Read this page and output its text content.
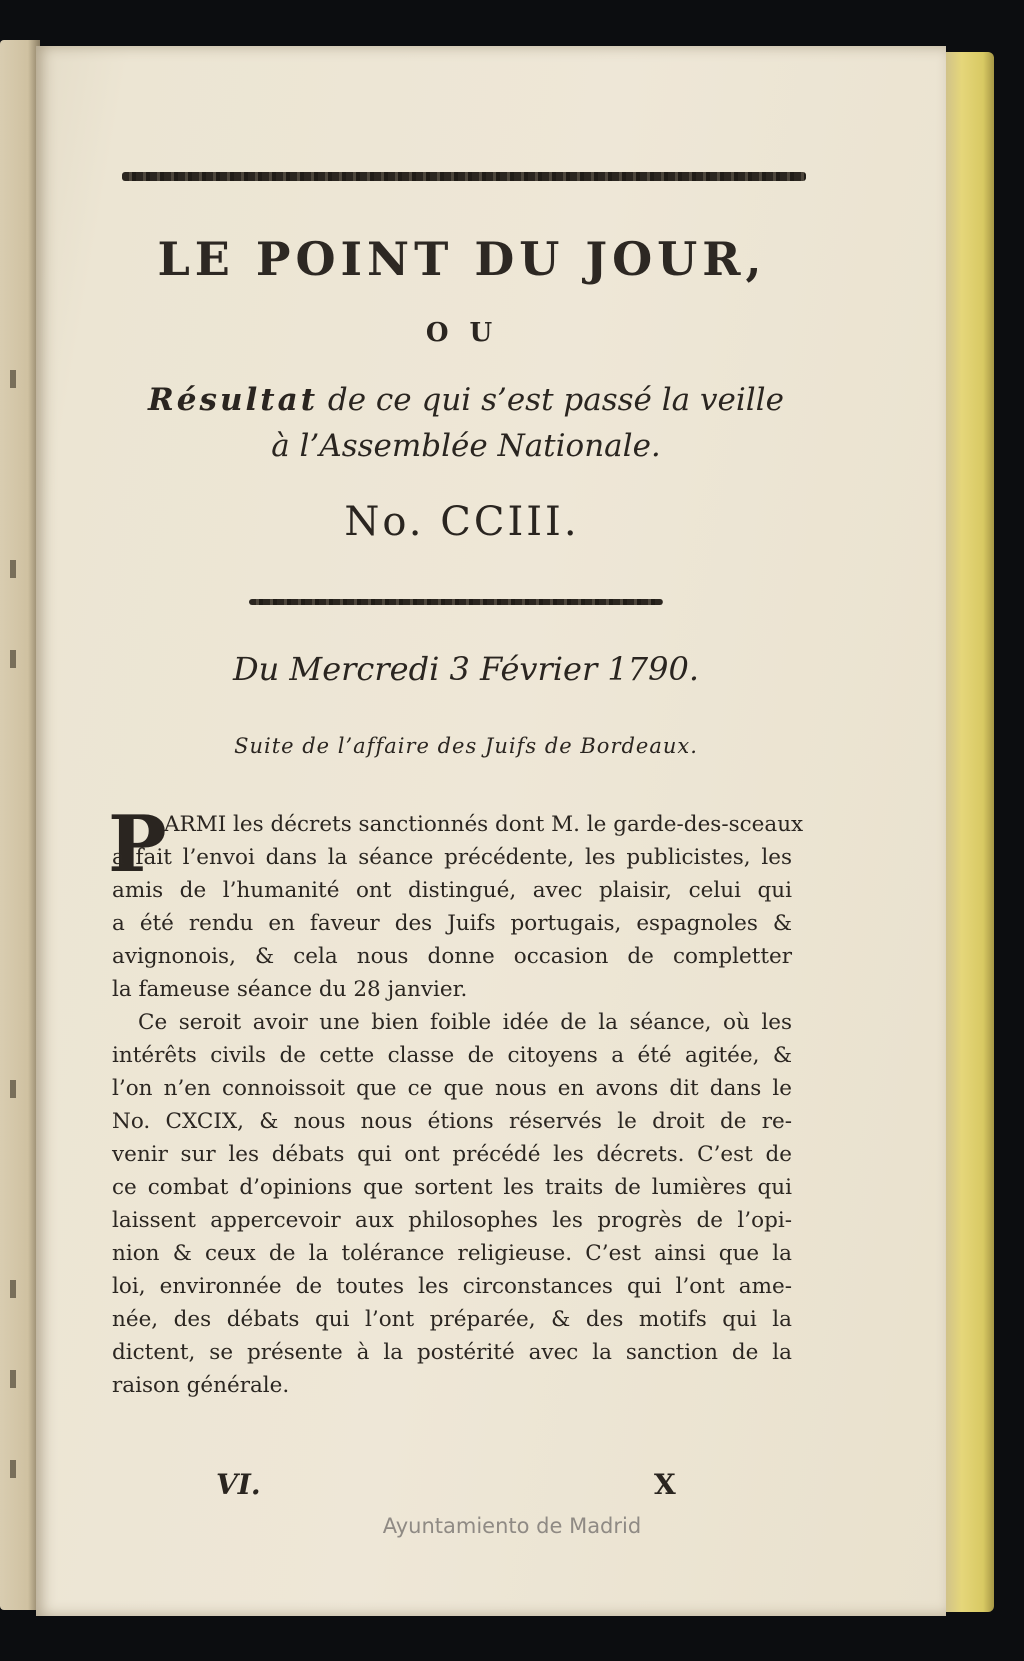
LE POINT DU JOUR,
O U
Résultat de ce qui s’est passé la veille
à l’Assemblée Nationale.
No. CCIII.
Du Mercredi 3 Février 1790.
Suite de l’affaire des Juifs de Bordeaux.
P
ARMI les décrets sanctionnés dont M. le garde-des-sceaux
a fait l’envoi dans la séance précédente, les publicistes, les
amis de l’humanité ont distingué, avec plaisir, celui qui
a été rendu en faveur des Juifs portugais, espagnoles &
avignonois, & cela nous donne occasion de completter
la fameuse séance du 28 janvier.
Ce seroit avoir une bien foible idée de la séance, où les
intérêts civils de cette classe de citoyens a été agitée, &
l’on n’en connoissoit que ce que nous en avons dit dans le
No. CXCIX, & nous nous étions réservés le droit de re-
venir sur les débats qui ont précédé les décrets. C’est de
ce combat d’opinions que sortent les traits de lumières qui
laissent appercevoir aux philosophes les progrès de l’opi-
nion & ceux de la tolérance religieuse. C’est ainsi que la
loi, environnée de toutes les circonstances qui l’ont ame-
née, des débats qui l’ont préparée, & des motifs qui la
dictent, se présente à la postérité avec la sanction de la
raison générale.
VI.	X
Ayuntamiento de Madrid
